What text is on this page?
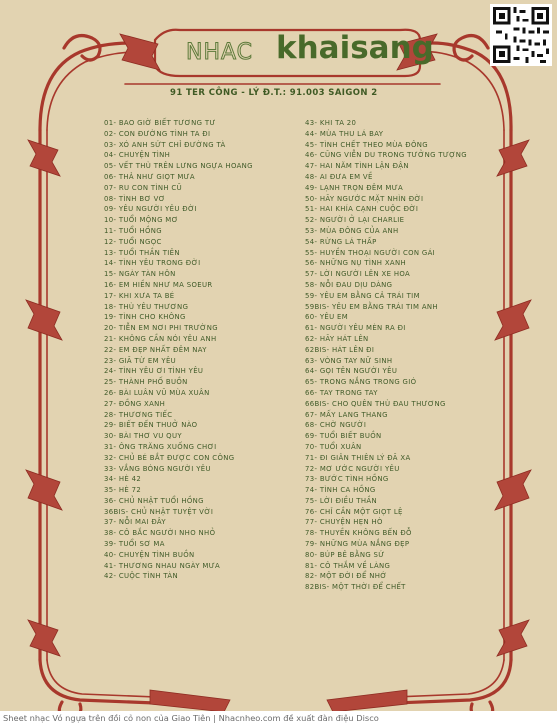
NHAC khaisang
91 TER CÔNG - LÝ Đ.T.: 91.003 SAIGON 2
01- BAO GIỜ BIẾT TƯƠNG TƯ
02- CON ĐƯỜNG TÌNH TA ĐI
03- XÓ ANH SỬT CHỈ ĐƯỜNG TÀ
04- CHUYỆN TÌNH
05- VẾT THÙ TRÊN LƯNG NGỰA HOANG
06- THẢ NHƯ GIỌT MƯA
07- RU CON TÌNH CŨ
08- TÌNH BƠ VƠ
09- YÊU NGƯỜI YÊU ĐỜI
10- TUỔI MỘNG MƠ
11- TUỔI HỒNG
12- TUỔI NGỌC
13- TUỔI THẦN TIÊN
14- TÌNH YÊU TRONG ĐỜI
15- NGÀY TÀN HÔN
16- EM HIỀN NHƯ MA SOEUR
17- KHI XƯA TA BÉ
18- THÙ YÊU THƯƠNG
19- TÌNH CHO KHÔNG
20- TIỄN EM NƠI PHI TRƯỜNG
21- KHÔNG CẦN NÓI YÊU ANH
22- EM ĐẸP NHẤT ĐÊM NAY
23- GIÃ TỪ EM YÊU
24- TÌNH YÊU ƠI TÌNH YÊU
25- THÀNH PHỐ BUỒN
26- BÀI LUÂN VŨ MÙA XUÂN
27- ĐỒNG XANH
28- THƯƠNG TIẾC
29- BIẾT ĐẾN THUỞ NÀO
30- BÀI THƠ VU QUY
31- ÔNG TRĂNG XUỐNG CHƠI
32- CHỦ BÉ BẮT ĐƯỢC CON CÔNG
33- VẮNG BÓNG NGƯỜI YÊU
34- HÈ 42
35- HÈ 72
36- CHỦ NHẬT TUỔI HỒNG
36BIS- CHỦ NHẬT TUYỆT VỜI
37- NỖI MAI ĐÂY
38- CÔ BẮC NGƯỜI NHO NHỎ
39- TUỔI SƠ MA
40- CHUYỆN TÌNH BUỒN
41- THƯƠNG NHAU NGÀY MƯA
42- CUỘC TÌNH TÀN
43- KHI TA 20
44- MÙA THU LÁ BAY
45- TÌNH CHẾT THEO MÙA ĐÔNG
46- CŨNG VIỄN DU TRONG TƯỞNG TƯỢNG
47- HAI NĂM TÌNH LẬN ĐẬN
48- AI ĐƯA EM VỀ
49- LẠNH TRỌN ĐÊM MƯA
50- HÃY NGƯỚC MẶT NHÌN ĐỜI
51- HAI KHÍA CẠNH CUỘC ĐỜI
52- NGƯỜI Ở LẠI CHARLIE
53- MÙA ĐÔNG CỦA ANH
54- RỪNG LÁ THẤP
55- HUYỀN THOẠI NGƯỜI CON GÁI
56- NHỮNG NỤ TÌNH XANH
57- LỜI NGƯỜI LÊN XE HOA
58- NỖI ĐAU DỊU DÀNG
59- YÊU EM BẰNG CẢ TRÁI TIM
59BIS- YÊU EM BẰNG TRÁI TIM ANH
60- YÊU EM
61- NGƯỜI YÊU MÈN RA ĐI
62- HÃY HÁT LÊN
62BIS- HÁT LÊN ĐI
63- VÒNG TAY NỮ SINH
64- GỌI TÊN NGƯỜI YÊU
65- TRONG NẮNG TRONG GIÓ
66- TAY TRONG TAY
66BIS- CHO QUÊN THÙ ĐAU THƯƠNG
67- MẤY LANG THANG
68- CHỜ NGƯỜI
69- TUỔI BIẾT BUỒN
70- TUỔI XUÂN
71- ĐI GIÂN THIÊN LÝ ĐÃ XA
72- MƠ ƯỚC NGƯỜI YÊU
73- BƯỚC TÌNH HỒNG
74- TÌNH CA HỒNG
75- LỜI ĐIỀU THẦN
76- CHỈ CẦN MỘT GIỌT LỆ
77- CHUYỆN HẸN HÒ
78- THUYỀN KHÔNG BẾN ĐỖ
79- NHỮNG MÙA NẮNG ĐẸP
80- BÚP BÊ BẰNG SỨ
81- CÔ THẮM VỀ LÀNG
82- MỘT ĐỜI ĐỂ NHỚ
82BIS- MỘT THỜI ĐỂ CHẾT
Sheet nhạc Vó ngựa trên đồi cỏ non của Giao Tiên | Nhacnheo.com đề xuất đàn điệu Disco
